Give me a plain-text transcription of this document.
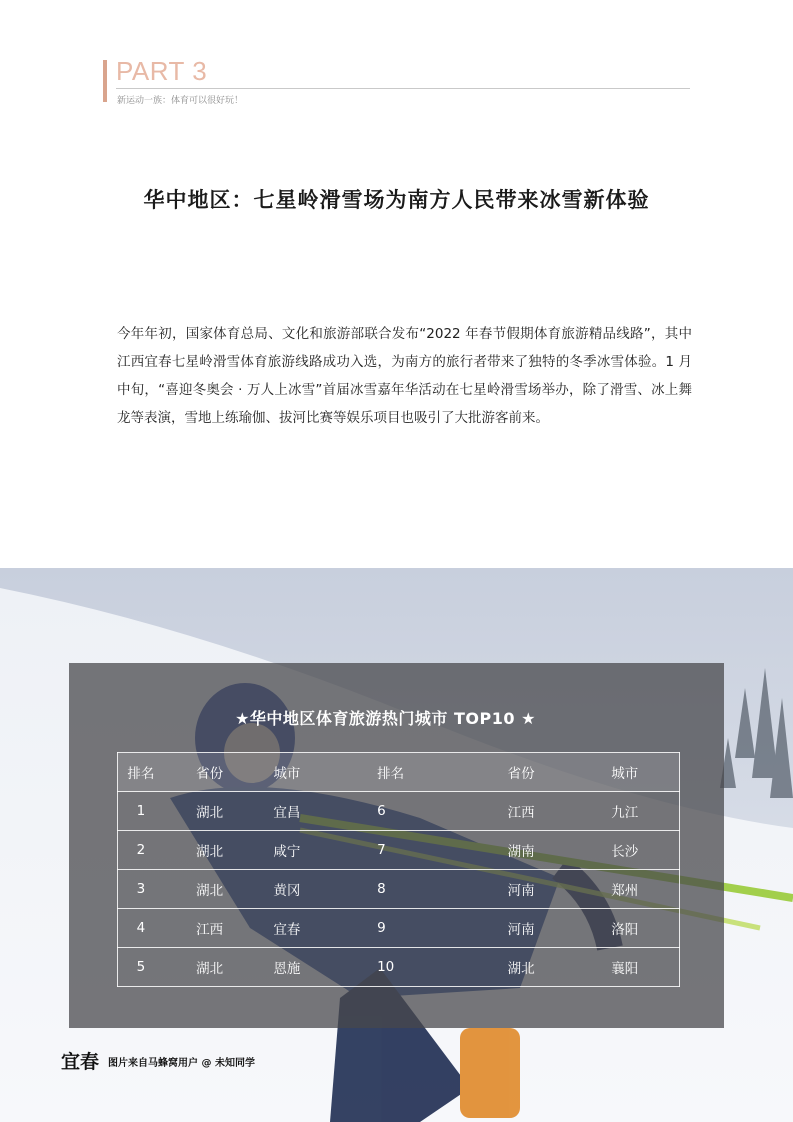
PART 3
新运动一族：体育可以很好玩！
华中地区：七星岭滑雪场为南方人民带来冰雪新体验
今年年初，国家体育总局、文化和旅游部联合发布“2022 年春节假期体育旅游精品线路”，其中江西宜春七星岭滑雪体育旅游线路成功入选，为南方的旅行者带来了独特的冬季冰雪体验。1 月中旬，“喜迎冬奥会 · 万人上冰雪”首届冰雪嘉年华活动在七星岭滑雪场举办，除了滑雪、冰上舞龙等表演，雪地上练瑜伽、拔河比赛等娱乐项目也吸引了大批游客前来。
★华中地区体育旅游热门城市 TOP10 ★
排名	省份	城市	排名	省份	城市
1	湖北	宜昌	6	江西	九江
2	湖北	咸宁	7	湖南	长沙
3	湖北	黄冈	8	河南	郑州
4	江西	宜春	9	河南	洛阳
5	湖北	恩施	10	湖北	襄阳
宜春 图片来自马蜂窝用户 @ 未知同学
